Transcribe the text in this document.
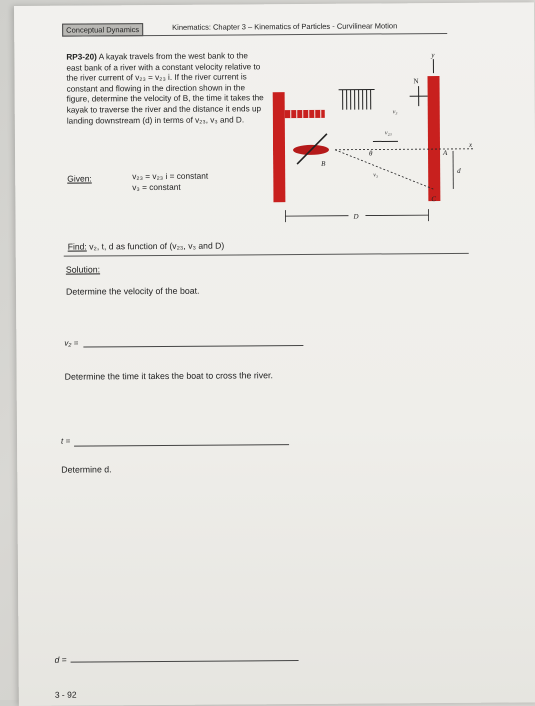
Conceptual Dynamics	Kinematics: Chapter 3 – Kinematics of Particles - Curvilinear Motion
RP3-20) A kayak travels from the west bank to the east bank of a river with a constant velocity relative to the river current of v₂₃ = v₂₃ i. If the river current is constant and flowing in the direction shown in the figure, determine the velocity of B, the time it takes the kayak to traverse the river and the distance it ends up landing downstream (d) in terms of v₂₃, v₃ and D.
Given:	v₂₃ = v₂₃ i = constant
v₃ = constant
N
y
v₃
v₂₃
x
B
θ
v₃
A
C
d
D
Find: v₂, t, d as function of (v₂₃, v₃ and D)
Solution:
Determine the velocity of the boat.
v₂ =
Determine the time it takes the boat to cross the river.
t =
Determine d.
d =
3 - 92
